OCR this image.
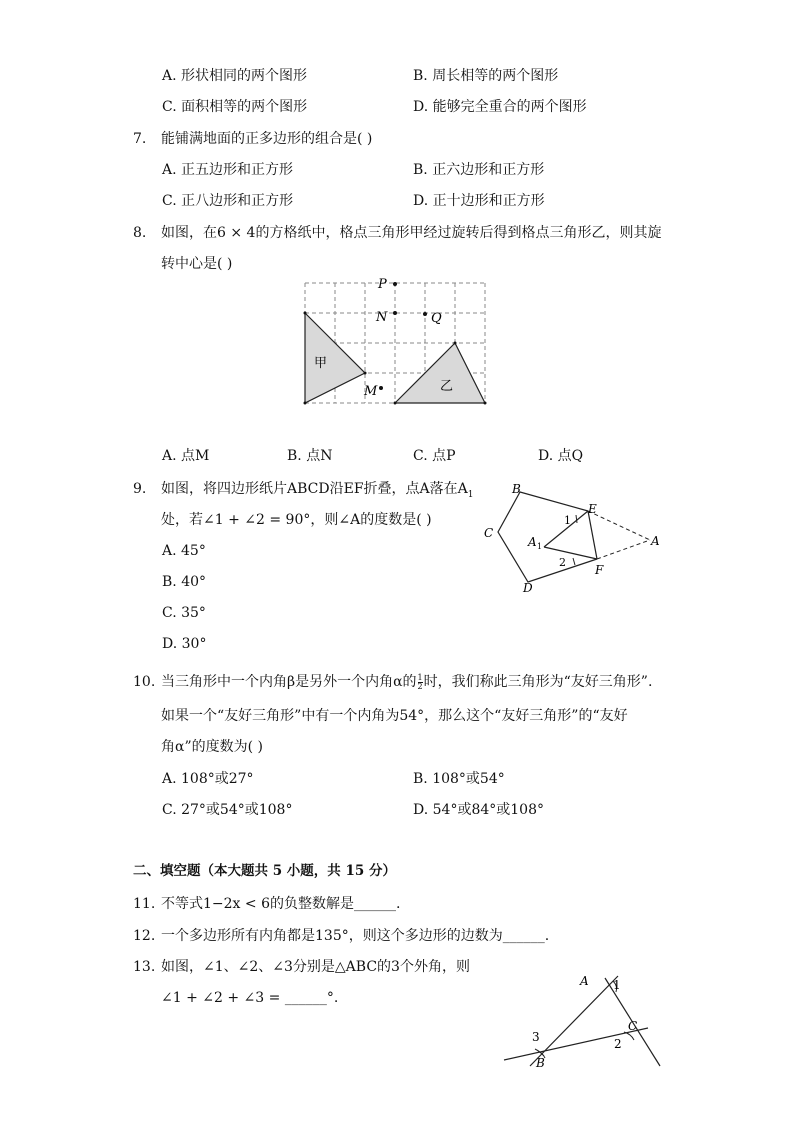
A. 形状相同的两个图形	B. 周长相等的两个图形
C. 面积相等的两个图形	D. 能够完全重合的两个图形
7. 能铺满地面的正多边形的组合是( )
A. 正五边形和正方形	B. 正六边形和正方形
C. 正八边形和正方形	D. 正十边形和正方形
8. 如图，在6 × 4的方格纸中，格点三角形甲经过旋转后得到格点三角形乙，则其旋
转中心是( )
P
N	Q
M
甲
乙
A. 点M	B. 点N	C. 点P	D. 点Q
9. 如图，将四边形纸片ABCD沿EF折叠，点A落在$A_1$
处，若∠1 + ∠2 = 90°，则∠A的度数是( )
A. 45°
B. 40°
C. 35°
D. 30°
B
C
D
E
F
A
A 1
1
2
10. 当三角形中一个内角β是另外一个内角α的 $\frac{1}{2}$ 时，我们称此三角形为“友好三角形”.
如果一个“友好三角形”中有一个内角为54°，那么这个“友好三角形”的“友好
角α”的度数为( )
A. 108°或27°	B. 108°或54°
C. 27°或54°或108°	D. 54°或84°或108°
二、填空题（本大题共 5 小题，共 15 分）
11. 不等式1−2x < 6的负整数解是______.
12. 一个多边形所有内角都是135°，则这个多边形的边数为______.
13. 如图，∠1、∠2、∠3分别是△ABC的3个外角，则
∠1 + ∠2 + ∠3 = ______°.
A
B
C
1
2
3
